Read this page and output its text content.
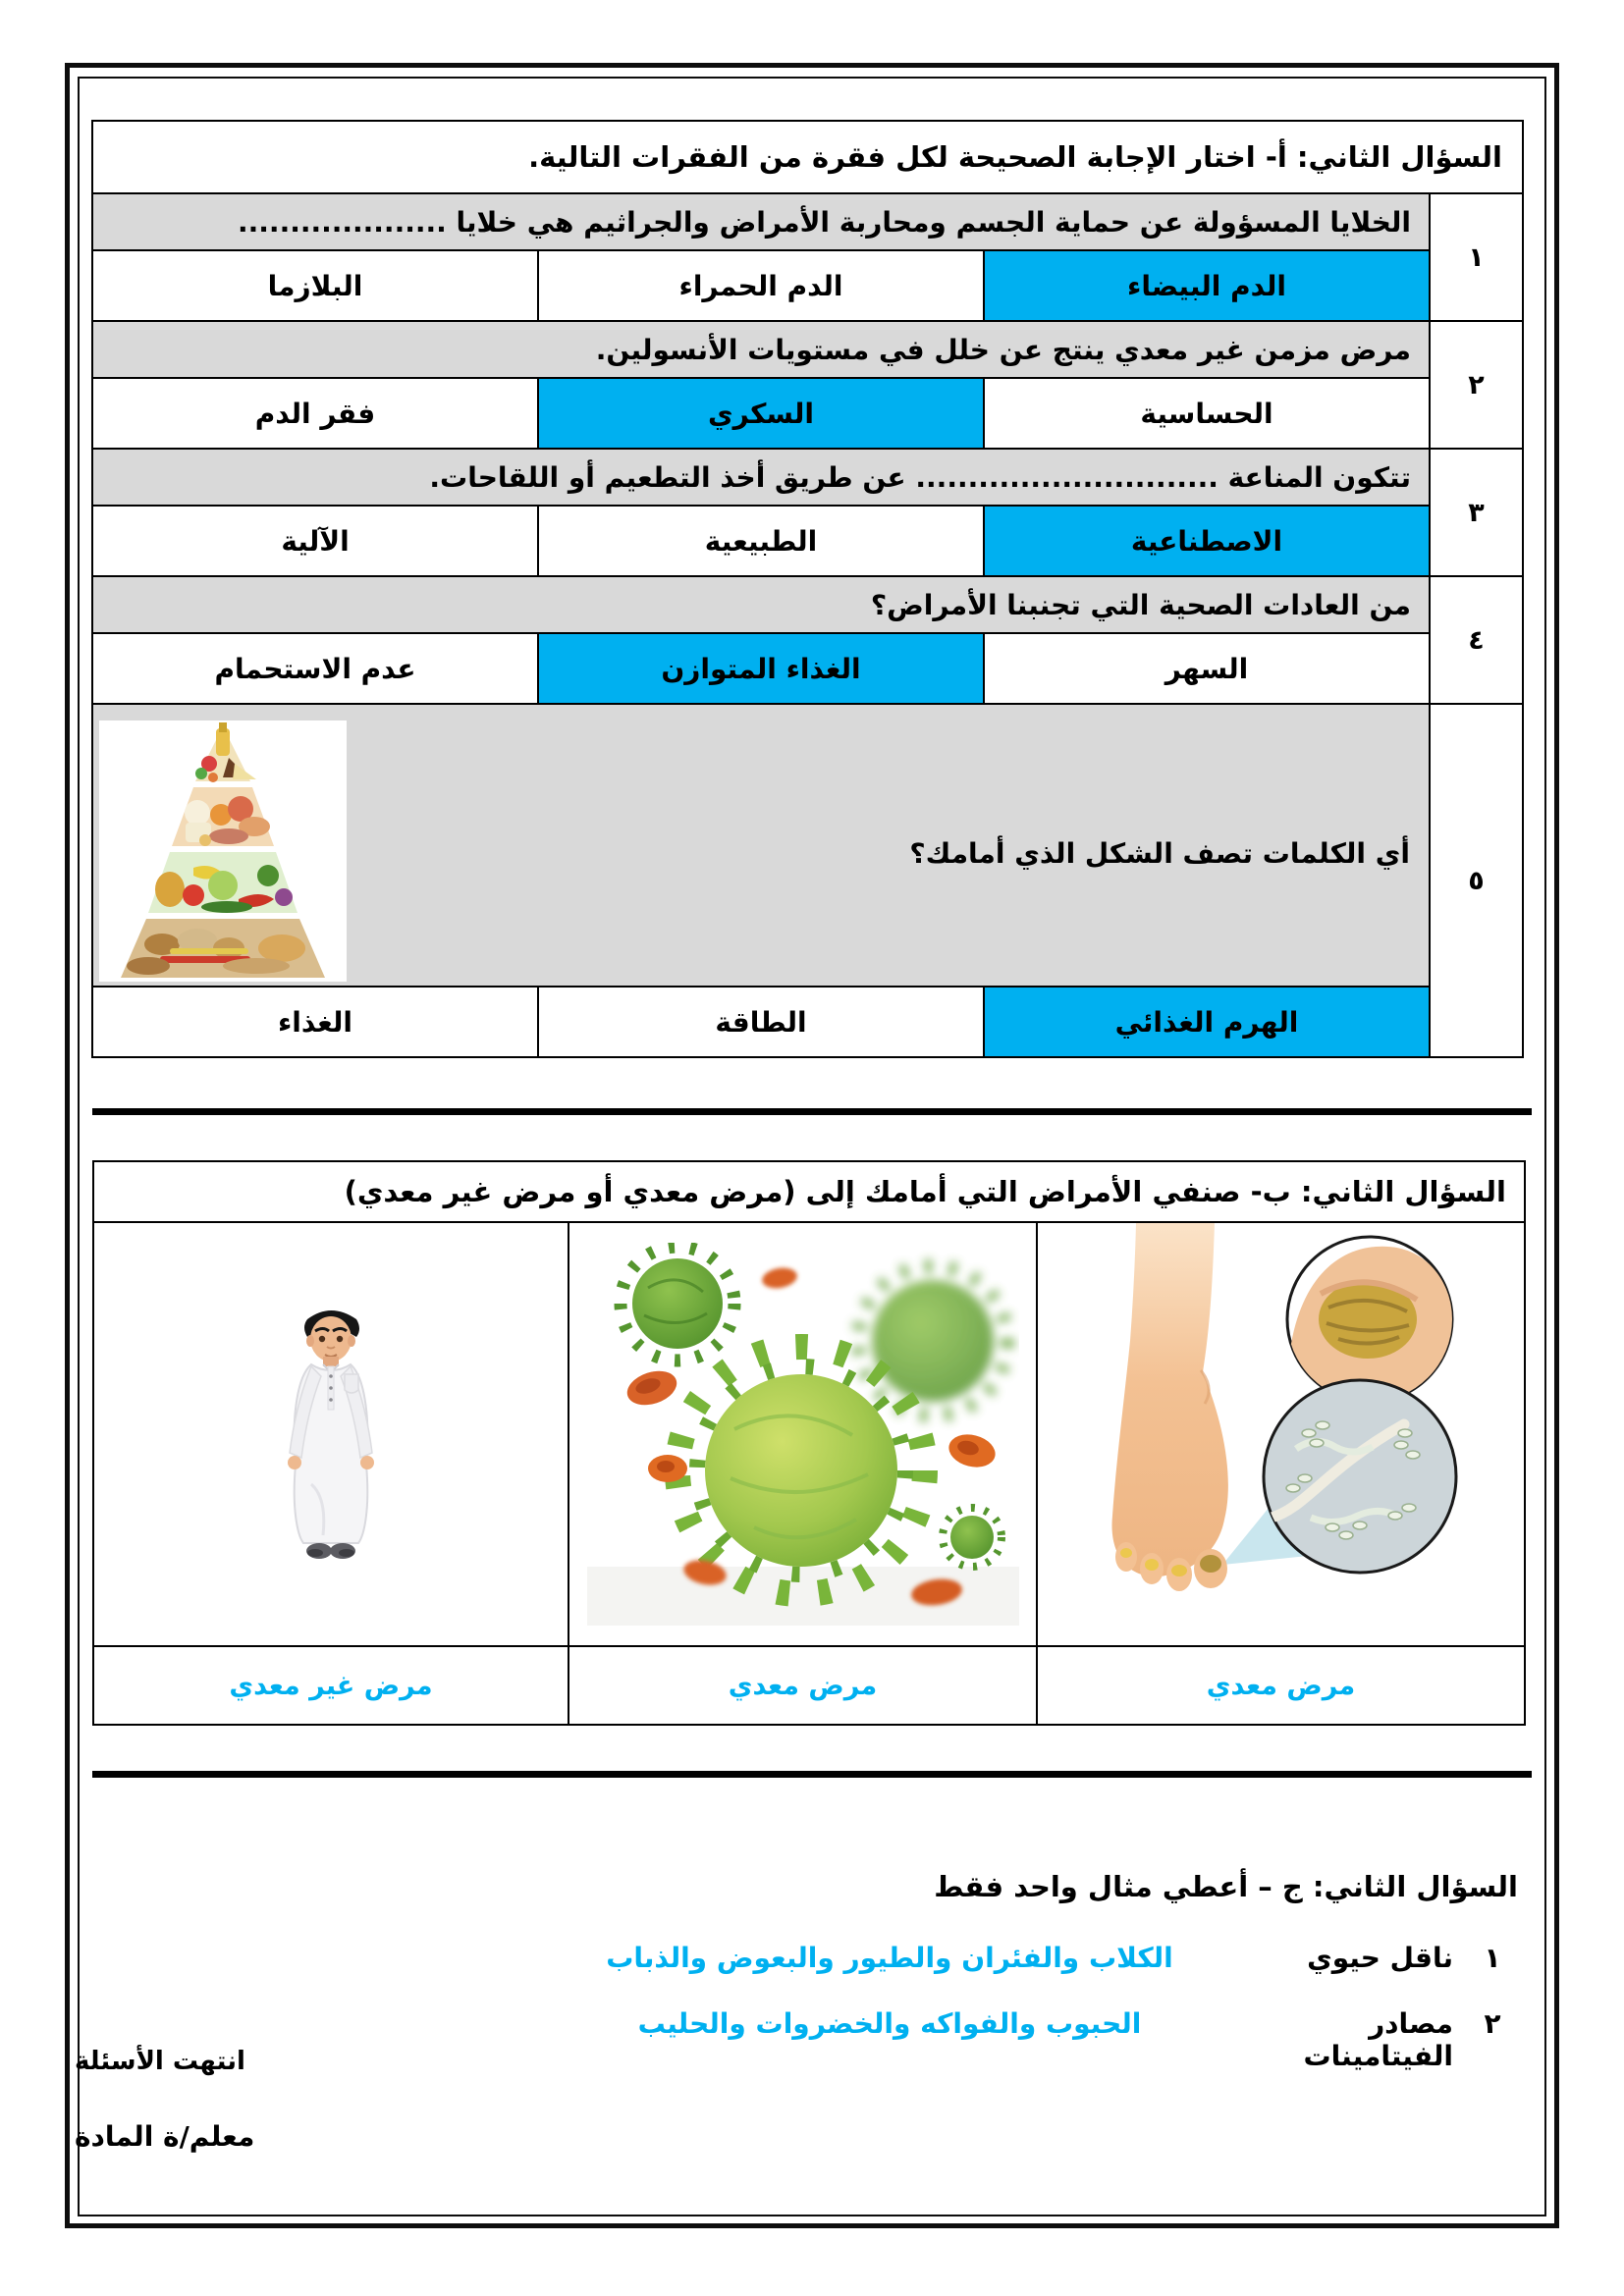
السؤال الثاني: أ- اختار الإجابة الصحيحة لكل فقرة من الفقرات التالية.			
١	الخلايا المسؤولة عن حماية الجسم ومحاربة الأمراض والجراثيم هي خلايا ....................		
	الدم البيضاء	الدم الحمراء	البلازما
٢	مرض مزمن غير معدي ينتج عن خلل في مستويات الأنسولين.		
	الحساسية	السكري	فقر الدم
٣	تتكون المناعة ............................. عن طريق أخذ التطعيم أو اللقاحات.		
	الاصطناعية	الطبيعية	الآلية
٤	من العادات الصحية التي تجنبنا الأمراض؟		
	السهر	الغذاء المتوازن	عدم الاستحمام
٥	أي الكلمات تصف الشكل الذي أمامك؟		

	الهرم الغذائي	الطاقة	الغذاء
السؤال الثاني: ب- صنفي الأمراض التي أمامك إلى (مرض معدي أو مرض غير معدي)		

مرض معدي	مرض معدي	مرض غير معدي
السؤال الثاني: ج – أعطي مثال واحد فقط
١
ناقل حيوي
الكلاب والفئران والطيور والبعوض والذباب
٢
مصادر الفيتامينات
الحبوب والفواكه والخضروات والحليب
انتهت الأسئلة
معلم/ة المادة
